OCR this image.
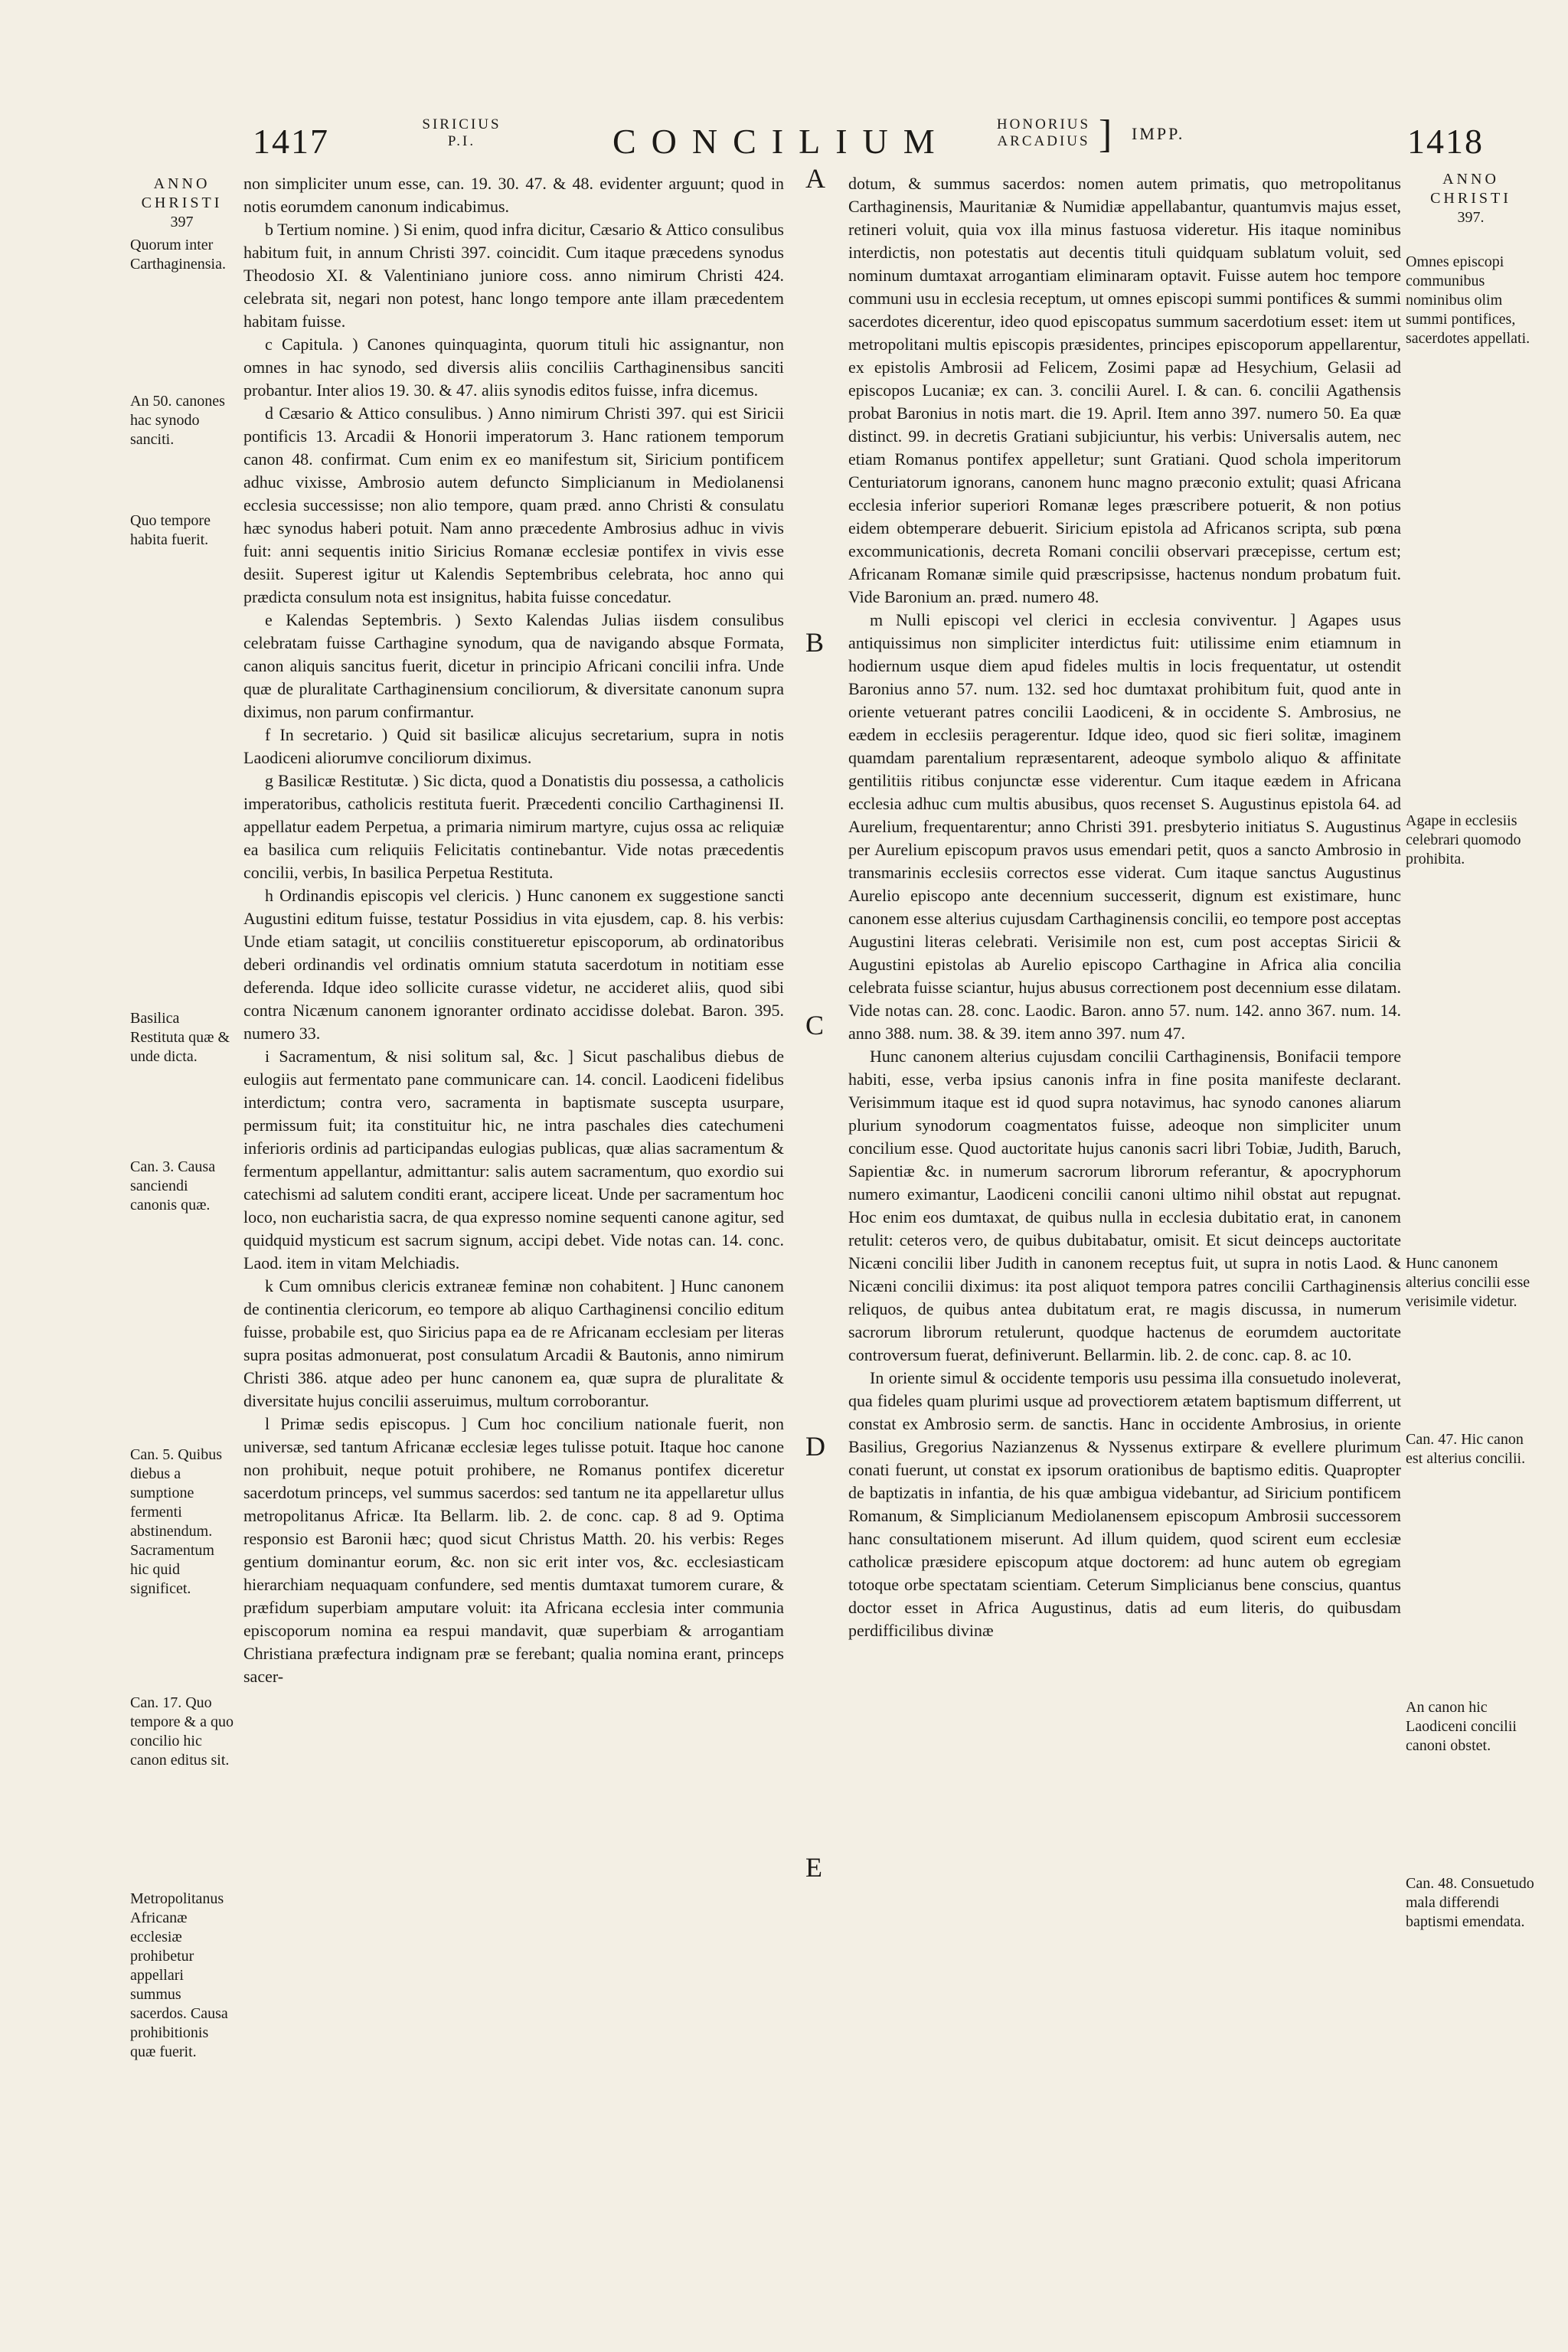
1417	SIRICIUS
P.I.	CONCILIUM	HONORIUS
ARCADIUS ] IMPP.	1418
A
B
C
D
E
ANNO
CHRISTI
397
Quorum inter Carthaginensia.
An 50. canones hac synodo sanciti.
Quo tempore habita fuerit.
Basilica Restituta quæ & unde dicta.
Can. 3. Causa sanciendi canonis quæ.
Can. 5. Quibus diebus a sumptione fermenti abstinendum. Sacramentum hic quid significet.
Can. 17. Quo tempore & a quo concilio hic canon editus sit.
Metropolitanus Africanæ ecclesiæ prohibetur appellari summus sacerdos. Causa prohibitionis quæ fuerit.
ANNO
CHRISTI
397.
Omnes episcopi communibus nominibus olim summi pontifices, sacerdotes appellati.
Agape in ecclesiis celebrari quomodo prohibita.
Hunc canonem alterius concilii esse verisimile videtur.
Can. 47. Hic canon est alterius concilii.
An canon hic Laodiceni concilii canoni obstet.
Can. 48. Consuetudo mala differendi baptismi emendata.

non simpliciter unum esse, can. 19. 30. 47. & 48. evidenter arguunt; quod in notis eorumdem canonum indicabimus.

b Tertium nomine. ) Si enim, quod infra dicitur, Cæsario & Attico consulibus habitum fuit, in annum Christi 397. coincidit. Cum itaque præcedens synodus Theodosio XI. & Valentiniano juniore coss. anno nimirum Christi 424. celebrata sit, negari non potest, hanc longo tempore ante illam præcedentem habitam fuisse.

c Capitula. ) Canones quinquaginta, quorum tituli hic assignantur, non omnes in hac synodo, sed diversis aliis conciliis Carthaginensibus sanciti probantur. Inter alios 19. 30. & 47. aliis synodis editos fuisse, infra dicemus.

d Cæsario & Attico consulibus. ) Anno nimirum Christi 397. qui est Siricii pontificis 13. Arcadii & Honorii imperatorum 3. Hanc rationem temporum canon 48. confirmat. Cum enim ex eo manifestum sit, Siricium pontificem adhuc vixisse, Ambrosio autem defuncto Simplicianum in Mediolanensi ecclesia successisse; non alio tempore, quam præd. anno Christi & consulatu hæc synodus haberi potuit. Nam anno præcedente Ambrosius adhuc in vivis fuit: anni sequentis initio Siricius Romanæ ecclesiæ pontifex in vivis esse desiit. Superest igitur ut Kalendis Septembribus celebrata, hoc anno qui prædicta consulum nota est insignitus, habita fuisse concedatur.

e Kalendas Septembris. ) Sexto Kalendas Julias iisdem consulibus celebratam fuisse Carthagine synodum, qua de navigando absque Formata, canon aliquis sancitus fuerit, dicetur in principio Africani concilii infra. Unde quæ de pluralitate Carthaginensium conciliorum, & diversitate canonum supra diximus, non parum confirmantur.

f In secretario. ) Quid sit basilicæ alicujus secretarium, supra in notis Laodiceni aliorumve conciliorum diximus.

g Basilicæ Restitutæ. ) Sic dicta, quod a Donatistis diu possessa, a catholicis imperatoribus, catholicis restituta fuerit. Præcedenti concilio Carthaginensi II. appellatur eadem Perpetua, a primaria nimirum martyre, cujus ossa ac reliquiæ ea basilica cum reliquiis Felicitatis continebantur. Vide notas præcedentis concilii, verbis, In basilica Perpetua Restituta.

h Ordinandis episcopis vel clericis. ) Hunc canonem ex suggestione sancti Augustini editum fuisse, testatur Possidius in vita ejusdem, cap. 8. his verbis: Unde etiam satagit, ut conciliis constitueretur episcoporum, ab ordinatoribus deberi ordinandis vel ordinatis omnium statuta sacerdotum in notitiam esse deferenda. Idque ideo sollicite curasse videtur, ne accideret aliis, quod sibi contra Nicænum canonem ignoranter ordinato accidisse dolebat. Baron. 395. numero 33.

i Sacramentum, & nisi solitum sal, &c. ] Sicut paschalibus diebus de eulogiis aut fermentato pane communicare can. 14. concil. Laodiceni fidelibus interdictum; contra vero, sacramenta in baptismate suscepta usurpare, permissum fuit; ita constituitur hic, ne intra paschales dies catechumeni inferioris ordinis ad participandas eulogias publicas, quæ alias sacramentum & fermentum appellantur, admittantur: salis autem sacramentum, quo exordio sui catechismi ad salutem conditi erant, accipere liceat. Unde per sacramentum hoc loco, non eucharistia sacra, de qua expresso nomine sequenti canone agitur, sed quidquid mysticum est sacrum signum, accipi debet. Vide notas can. 14. conc. Laod. item in vitam Melchiadis.

k Cum omnibus clericis extraneæ feminæ non cohabitent. ] Hunc canonem de continentia clericorum, eo tempore ab aliquo Carthaginensi concilio editum fuisse, probabile est, quo Siricius papa ea de re Africanam ecclesiam per literas supra positas admonuerat, post consulatum Arcadii & Bautonis, anno nimirum Christi 386. atque adeo per hunc canonem ea, quæ supra de pluralitate & diversitate hujus concilii asseruimus, multum corroborantur.

l Primæ sedis episcopus. ] Cum hoc concilium nationale fuerit, non universæ, sed tantum Africanæ ecclesiæ leges tulisse potuit. Itaque hoc canone non prohibuit, neque potuit prohibere, ne Romanus pontifex diceretur sacerdotum princeps, vel summus sacerdos: sed tantum ne ita appellaretur ullus metropolitanus Africæ. Ita Bellarm. lib. 2. de conc. cap. 8 ad 9. Optima responsio est Baronii hæc; quod sicut Christus Matth. 20. his verbis: Reges gentium dominantur eorum, &c. non sic erit inter vos, &c. ecclesiasticam hierarchiam nequaquam confundere, sed mentis dumtaxat tumorem curare, & præfidum superbiam amputare voluit: ita Africana ecclesia inter communia episcoporum nomina ea respui mandavit, quæ superbiam & arrogantiam Christiana præfectura indignam præ se ferebant; qualia nomina erant, princeps sacer-

dotum, & summus sacerdos: nomen autem primatis, quo metropolitanus Carthaginensis, Mauritaniæ & Numidiæ appellabantur, quantumvis majus esset, retineri voluit, quia vox illa minus fastuosa videretur. His itaque nominibus interdictis, non potestatis aut decentis tituli quidquam sublatum voluit, sed nominum dumtaxat arrogantiam eliminaram optavit. Fuisse autem hoc tempore communi usu in ecclesia receptum, ut omnes episcopi summi pontifices & summi sacerdotes dicerentur, ideo quod episcopatus summum sacerdotium esset: item ut metropolitani multis episcopis præsidentes, principes episcoporum appellarentur, ex epistolis Ambrosii ad Felicem, Zosimi papæ ad Hesychium, Gelasii ad episcopos Lucaniæ; ex can. 3. concilii Aurel. I. & can. 6. concilii Agathensis probat Baronius in notis mart. die 19. April. Item anno 397. numero 50. Ea quæ distinct. 99. in decretis Gratiani subjiciuntur, his verbis: Universalis autem, nec etiam Romanus pontifex appelletur; sunt Gratiani. Quod schola imperitorum Centuriatorum ignorans, canonem hunc magno præconio extulit; quasi Africana ecclesia inferior superiori Romanæ leges præscribere potuerit, & non potius eidem obtemperare debuerit. Siricium epistola ad Africanos scripta, sub pœna excommunicationis, decreta Romani concilii observari præcepisse, certum est; Africanam Romanæ simile quid præscripsisse, hactenus nondum probatum fuit. Vide Baronium an. præd. numero 48.

m Nulli episcopi vel clerici in ecclesia conviventur. ] Agapes usus antiquissimus non simpliciter interdictus fuit: utilissime enim etiamnum in hodiernum usque diem apud fideles multis in locis frequentatur, ut ostendit Baronius anno 57. num. 132. sed hoc dumtaxat prohibitum fuit, quod ante in oriente vetuerant patres concilii Laodiceni, & in occidente S. Ambrosius, ne eædem in ecclesiis peragerentur. Idque ideo, quod sic fieri solitæ, imaginem quamdam parentalium repræsentarent, adeoque symbolo aliquo & affinitate gentilitiis ritibus conjunctæ esse viderentur. Cum itaque eædem in Africana ecclesia adhuc cum multis abusibus, quos recenset S. Augustinus epistola 64. ad Aurelium, frequentarentur; anno Christi 391. presbyterio initiatus S. Augustinus per Aurelium episcopum pravos usus emendari petit, quos a sancto Ambrosio in transmarinis ecclesiis correctos esse viderat. Cum itaque sanctus Augustinus Aurelio episcopo ante decennium successerit, dignum est existimare, hunc canonem esse alterius cujusdam Carthaginensis concilii, eo tempore post acceptas Augustini literas celebrati. Verisimile non est, cum post acceptas Siricii & Augustini epistolas ab Aurelio episcopo Carthagine in Africa alia concilia celebrata fuisse sciantur, hujus abusus correctionem post decennium esse dilatam. Vide notas can. 28. conc. Laodic. Baron. anno 57. num. 142. anno 367. num. 14. anno 388. num. 38. & 39. item anno 397. num 47.

Hunc canonem alterius cujusdam concilii Carthaginensis, Bonifacii tempore habiti, esse, verba ipsius canonis infra in fine posita manifeste declarant. Verisimmum itaque est id quod supra notavimus, hac synodo canones aliarum plurium synodorum coagmentatos fuisse, adeoque non simpliciter unum concilium esse. Quod auctoritate hujus canonis sacri libri Tobiæ, Judith, Baruch, Sapientiæ &c. in numerum sacrorum librorum referantur, & apocryphorum numero eximantur, Laodiceni concilii canoni ultimo nihil obstat aut repugnat. Hoc enim eos dumtaxat, de quibus nulla in ecclesia dubitatio erat, in canonem retulit: ceteros vero, de quibus dubitabatur, omisit. Et sicut deinceps auctoritate Nicæni concilii liber Judith in canonem receptus fuit, ut supra in notis Laod. & Nicæni concilii diximus: ita post aliquot tempora patres concilii Carthaginensis reliquos, de quibus antea dubitatum erat, re magis discussa, in numerum sacrorum librorum retulerunt, quodque hactenus de eorumdem auctoritate controversum fuerat, definiverunt. Bellarmin. lib. 2. de conc. cap. 8. ac 10.

In oriente simul & occidente temporis usu pessima illa consuetudo inoleverat, qua fideles quam plurimi usque ad provectiorem ætatem baptismum differrent, ut constat ex Ambrosio serm. de sanctis. Hanc in occidente Ambrosius, in oriente Basilius, Gregorius Nazianzenus & Nyssenus extirpare & evellere plurimum conati fuerunt, ut constat ex ipsorum orationibus de baptismo editis. Quapropter de baptizatis in infantia, de his quæ ambigua videbantur, ad Siricium pontificem Romanum, & Simplicianum Mediolanensem episcopum Ambrosii successorem hanc consultationem miserunt. Ad illum quidem, quod scirent eum ecclesiæ catholicæ præsidere episcopum atque doctorem: ad hunc autem ob egregiam totoque orbe spectatam scientiam. Ceterum Simplicianus bene conscius, quantus doctor esset in Africa Augustinus, datis ad eum literis, do quibusdam perdifficilibus divinæ
